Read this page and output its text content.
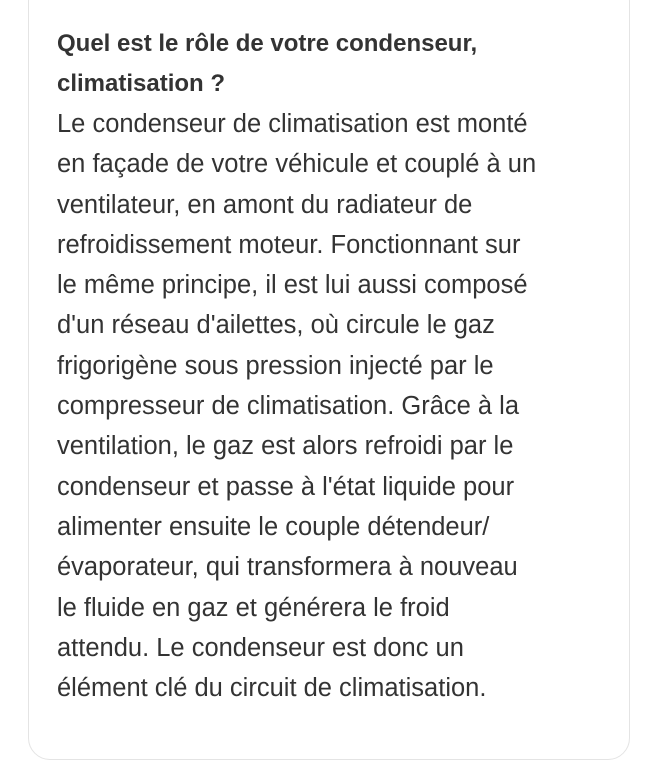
Quel est le rôle de votre condenseur,
climatisation ?
Le condenseur de climatisation est monté
en façade de votre véhicule et couplé à un
ventilateur, en amont du radiateur de
refroidissement moteur. Fonctionnant sur
le même principe, il est lui aussi composé
d'un réseau d'ailettes, où circule le gaz
frigorigène sous pression injecté par le
compresseur de climatisation. Grâce à la
ventilation, le gaz est alors refroidi par le
condenseur et passe à l'état liquide pour
alimenter ensuite le couple détendeur/
évaporateur, qui transformera à nouveau
le fluide en gaz et générera le froid
attendu. Le condenseur est donc un
élément clé du circuit de climatisation.
